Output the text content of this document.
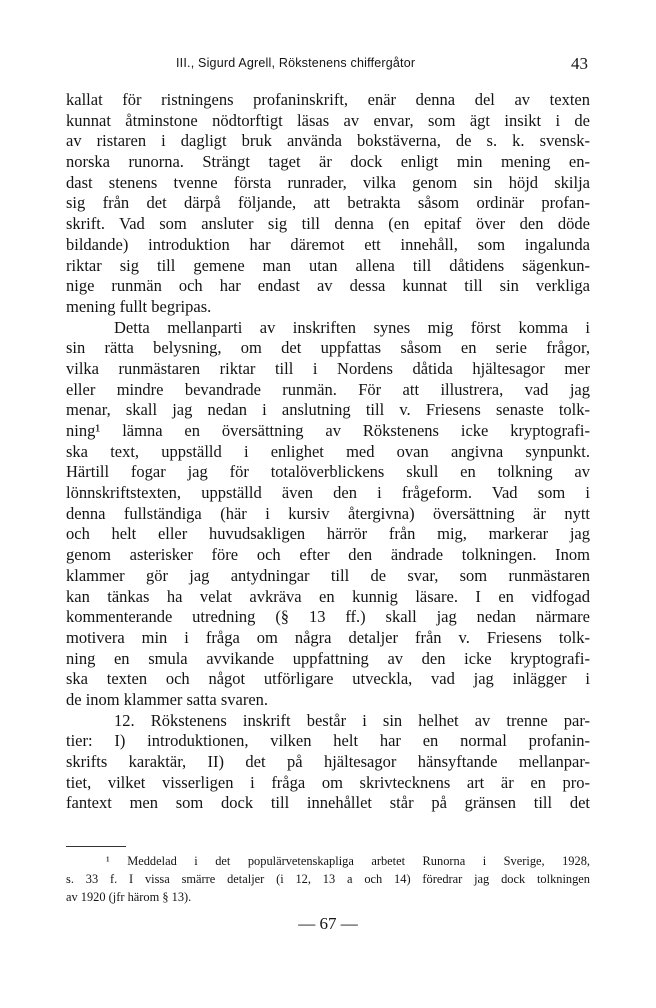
III., Sigurd Agrell, Rökstenens chiffergåtor	43
kallat för ristningens profaninskrift, enär denna del av texten
kunnat åtminstone nödtorftigt läsas av envar, som ägt insikt i de
av ristaren i dagligt bruk använda bokstäverna, de s. k. svensk-
norska runorna. Strängt taget är dock enligt min mening en-
dast stenens tvenne första runrader, vilka genom sin höjd skilja
sig från det därpå följande, att betrakta såsom ordinär profan-
skrift. Vad som ansluter sig till denna (en epitaf över den döde
bildande) introduktion har däremot ett innehåll, som ingalunda
riktar sig till gemene man utan allena till dåtidens sägenkun-
nige runmän och har endast av dessa kunnat till sin verkliga
mening fullt begripas.
Detta mellanparti av inskriften synes mig först komma i
sin rätta belysning, om det uppfattas såsom en serie frågor,
vilka runmästaren riktar till i Nordens dåtida hjältesagor mer
eller mindre bevandrade runmän. För att illustrera, vad jag
menar, skall jag nedan i anslutning till v. Friesens senaste tolk-
ning¹ lämna en översättning av Rökstenens icke kryptografi-
ska text, uppställd i enlighet med ovan angivna synpunkt.
Härtill fogar jag för totalöverblickens skull en tolkning av
lönnskriftstexten, uppställd även den i frågeform. Vad som i
denna fullständiga (här i kursiv återgivna) översättning är nytt
och helt eller huvudsakligen härrör från mig, markerar jag
genom asterisker före och efter den ändrade tolkningen. Inom
klammer gör jag antydningar till de svar, som runmästaren
kan tänkas ha velat avkräva en kunnig läsare. I en vidfogad
kommenterande utredning (§ 13 ff.) skall jag nedan närmare
motivera min i fråga om några detaljer från v. Friesens tolk-
ning en smula avvikande uppfattning av den icke kryptografi-
ska texten och något utförligare utveckla, vad jag inlägger i
de inom klammer satta svaren.
12. Rökstenens inskrift består i sin helhet av trenne par-
tier: I) introduktionen, vilken helt har en normal profanin-
skrifts karaktär, II) det på hjältesagor hänsyftande mellanpar-
tiet, vilket visserligen i fråga om skrivtecknens art är en pro-
fantext men som dock till innehållet står på gränsen till det
¹ Meddelad i det populärvetenskapliga arbetet Runorna i Sverige, 1928,
s. 33 f. I vissa smärre detaljer (i 12, 13 a och 14) föredrar jag dock tolkningen
av 1920 (jfr härom § 13).
— 67 —
